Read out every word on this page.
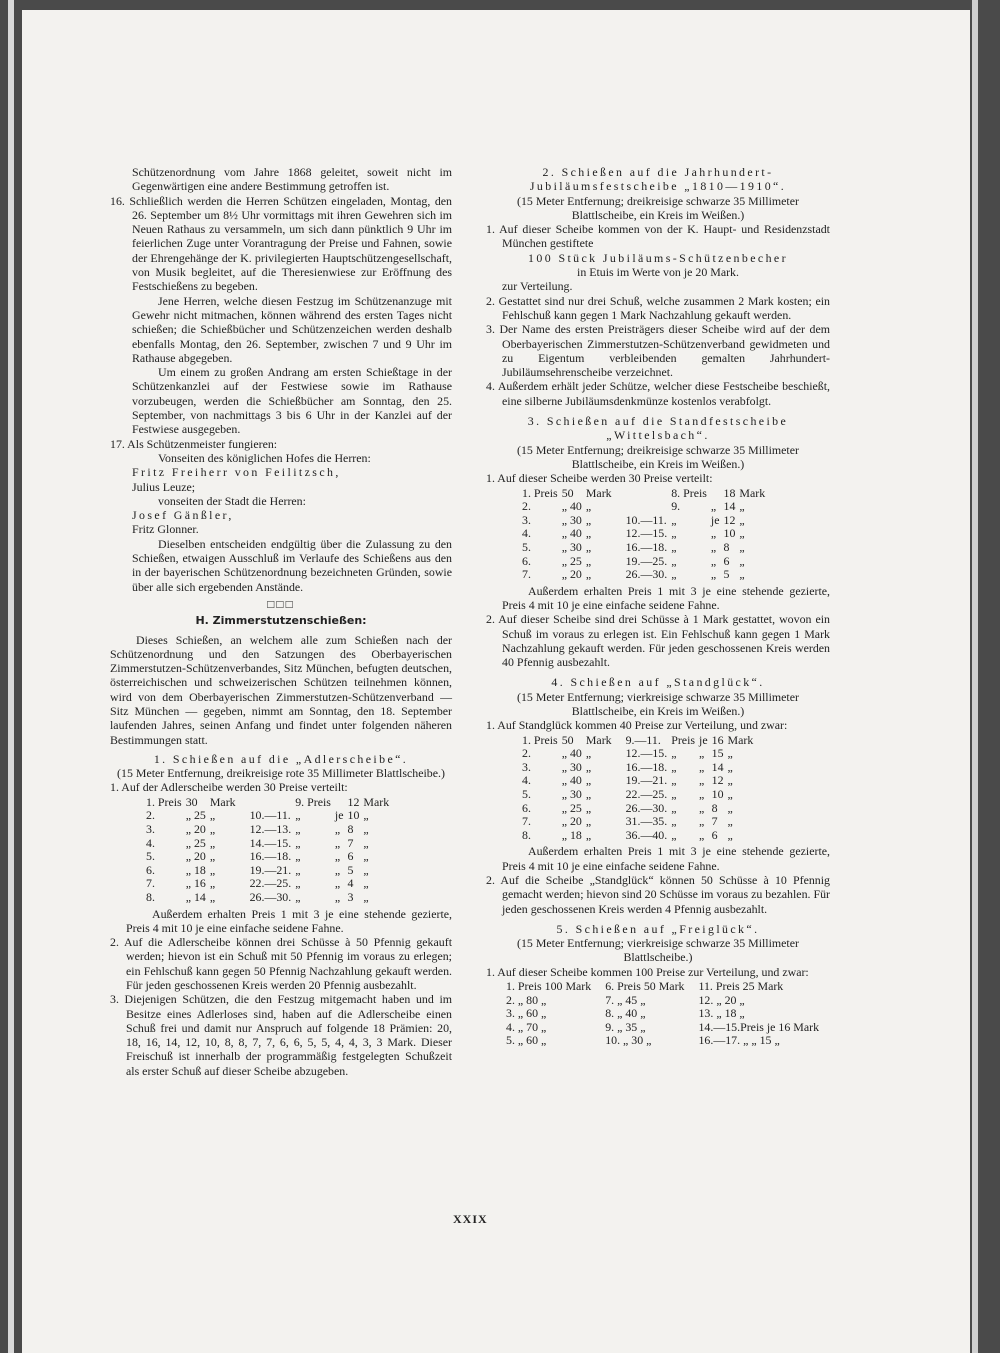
Schützenordnung vom Jahre 1868 geleitet, soweit nicht im Gegenwärtigen eine andere Bestimmung getroffen ist.

16. Schließlich werden die Herren Schützen eingeladen, Montag, den 26. September um 8½ Uhr vormittags mit ihren Gewehren sich im Neuen Rathaus zu versammeln, um sich dann pünktlich 9 Uhr im feierlichen Zuge unter Vorantragung der Preise und Fahnen, sowie der Ehrengehänge der K. privilegierten Hauptschützengesellschaft, von Musik begleitet, auf die Theresienwiese zur Eröffnung des Festschießens zu begeben.

Jene Herren, welche diesen Festzug im Schützenanzuge mit Gewehr nicht mitmachen, können während des ersten Tages nicht schießen; die Schießbücher und Schützenzeichen werden deshalb ebenfalls Montag, den 26. September, zwischen 7 und 9 Uhr im Rathause abgegeben.

Um einem zu großen Andrang am ersten Schießtage in der Schützenkanzlei auf der Festwiese sowie im Rathause vorzubeugen, werden die Schießbücher am Sonntag, den 25. September, von nachmittags 3 bis 6 Uhr in der Kanzlei auf der Festwiese ausgegeben.

17. Als Schützenmeister fungieren:

Vonseiten des königlichen Hofes die Herren:

Fritz Freiherr von Feilitzsch,

Julius Leuze;

vonseiten der Stadt die Herren:

Josef Gänßler,

Fritz Glonner.

Dieselben entscheiden endgültig über die Zulassung zu den Schießen, etwaigen Ausschluß im Verlaufe des Schießens aus den in der bayerischen Schützenordnung bezeichneten Gründen, sowie über alle sich ergebenden Anstände.

□□□

H. Zimmerstutzenschießen:

Dieses Schießen, an welchem alle zum Schießen nach der Schützenordnung und den Satzungen des Oberbayerischen Zimmerstutzen-Schützenverbandes, Sitz München, befugten deutschen, österreichischen und schweizerischen Schützen teilnehmen können, wird von dem Oberbayerischen Zimmerstutzen-Schützenverband — Sitz München — gegeben, nimmt am Sonntag, den 18. September laufenden Jahres, seinen Anfang und findet unter folgenden näheren Bestimmungen statt.

1. Schießen auf die „Adlerscheibe“.

(15 Meter Entfernung, dreikreisige rote 35 Millimeter Blattlscheibe.)

1. Auf der Adlerscheibe werden 30 Preise verteilt:

1. Preis	30	Mark		9. Preis		12	Mark
2.	„ 25	„	10.—11.	„	je	10	„
3.	„ 20	„	12.—13.	„	„	8	„
4.	„ 25	„	14.—15.	„	„	7	„
5.	„ 20	„	16.—18.	„	„	6	„
6.	„ 18	„	19.—21.	„	„	5	„
7.	„ 16	„	22.—25.	„	„	4	„
8.	„ 14	„	26.—30.	„	„	3	„

Außerdem erhalten Preis 1 mit 3 je eine stehende gezierte, Preis 4 mit 10 je eine einfache seidene Fahne.

2. Auf die Adlerscheibe können drei Schüsse à 50 Pfennig gekauft werden; hievon ist ein Schuß mit 50 Pfennig im voraus zu erlegen; ein Fehlschuß kann gegen 50 Pfennig Nachzahlung gekauft werden. Für jeden geschossenen Kreis werden 20 Pfennig ausbezahlt.

3. Diejenigen Schützen, die den Festzug mitgemacht haben und im Besitze eines Adlerloses sind, haben auf die Adlerscheibe einen Schuß frei und damit nur Anspruch auf folgende 18 Prämien: 20, 18, 16, 14, 12, 10, 8, 8, 7, 7, 6, 6, 5, 5, 4, 4, 3, 3 Mark. Dieser Freischuß ist innerhalb der programmäßig festgelegten Schußzeit als erster Schuß auf dieser Scheibe abzugeben.

2. Schießen auf die Jahrhundert-Jubiläumsfestscheibe „1810—1910“.

(15 Meter Entfernung; dreikreisige schwarze 35 Millimeter Blattlscheibe, ein Kreis im Weißen.)

1. Auf dieser Scheibe kommen von der K. Haupt- und Residenzstadt München gestiftete

100 Stück Jubiläums-Schützenbecher

in Etuis im Werte von je 20 Mark.

zur Verteilung.

2. Gestattet sind nur drei Schuß, welche zusammen 2 Mark kosten; ein Fehlschuß kann gegen 1 Mark Nachzahlung gekauft werden.

3. Der Name des ersten Preisträgers dieser Scheibe wird auf der dem Oberbayerischen Zimmerstutzen-Schützenverband gewidmeten und zu Eigentum verbleibenden gemalten Jahrhundert-Jubiläumsehrenscheibe verzeichnet.

4. Außerdem erhält jeder Schütze, welcher diese Festscheibe beschießt, eine silberne Jubiläumsdenkmünze kostenlos verabfolgt.

3. Schießen auf die Standfestscheibe „Wittelsbach“.

(15 Meter Entfernung; dreikreisige schwarze 35 Millimeter Blattlscheibe, ein Kreis im Weißen.)

1. Auf dieser Scheibe werden 30 Preise verteilt:

1. Preis	50	Mark		8. Preis		18	Mark
2.	„ 40	„		9.	„	14	„
3.	„ 30	„	10.—11.	„	je	12	„
4.	„ 40	„	12.—15.	„	„	10	„
5.	„ 30	„	16.—18.	„	„	8	„
6.	„ 25	„	19.—25.	„	„	6	„
7.	„ 20	„	26.—30.	„	„	5	„

Außerdem erhalten Preis 1 mit 3 je eine stehende gezierte, Preis 4 mit 10 je eine einfache seidene Fahne.

2. Auf dieser Scheibe sind drei Schüsse à 1 Mark gestattet, wovon ein Schuß im voraus zu erlegen ist. Ein Fehlschuß kann gegen 1 Mark Nachzahlung gekauft werden. Für jeden geschossenen Kreis werden 40 Pfennig ausbezahlt.

4. Schießen auf „Standglück“.

(15 Meter Entfernung; vierkreisige schwarze 35 Millimeter Blattlscheibe, ein Kreis im Weißen.)

1. Auf Standglück kommen 40 Preise zur Verteilung, und zwar:

1. Preis	50	Mark	9.—11.	Preis	je	16	Mark
2.	„ 40	„	12.—15.	„	„	15	„
3.	„ 30	„	16.—18.	„	„	14	„
4.	„ 40	„	19.—21.	„	„	12	„
5.	„ 30	„	22.—25.	„	„	10	„
6.	„ 25	„	26.—30.	„	„	8	„
7.	„ 20	„	31.—35.	„	„	7	„
8.	„ 18	„	36.—40.	„	„	6	„

Außerdem erhalten Preis 1 mit 3 je eine stehende gezierte, Preis 4 mit 10 je eine einfache seidene Fahne.

2. Auf die Scheibe „Standglück“ können 50 Schüsse à 10 Pfennig gemacht werden; hievon sind 20 Schüsse im voraus zu bezahlen. Für jeden geschossenen Kreis werden 4 Pfennig ausbezahlt.

5. Schießen auf „Freiglück“.

(15 Meter Entfernung; vierkreisige schwarze 35 Millimeter Blattlscheibe.)

1. Auf dieser Scheibe kommen 100 Preise zur Verteilung, und zwar:

1. Preis 100 Mark	6. Preis 50 Mark	11. Preis 25 Mark
2. „ 80 „	7. „ 45 „	12. „ 20 „
3. „ 60 „	8. „ 40 „	13. „ 18 „
4. „ 70 „	9. „ 35 „	14.—15.Preis je 16 Mark
5. „ 60 „	10. „ 30 „	16.—17. „ „ 15 „
XXIX
